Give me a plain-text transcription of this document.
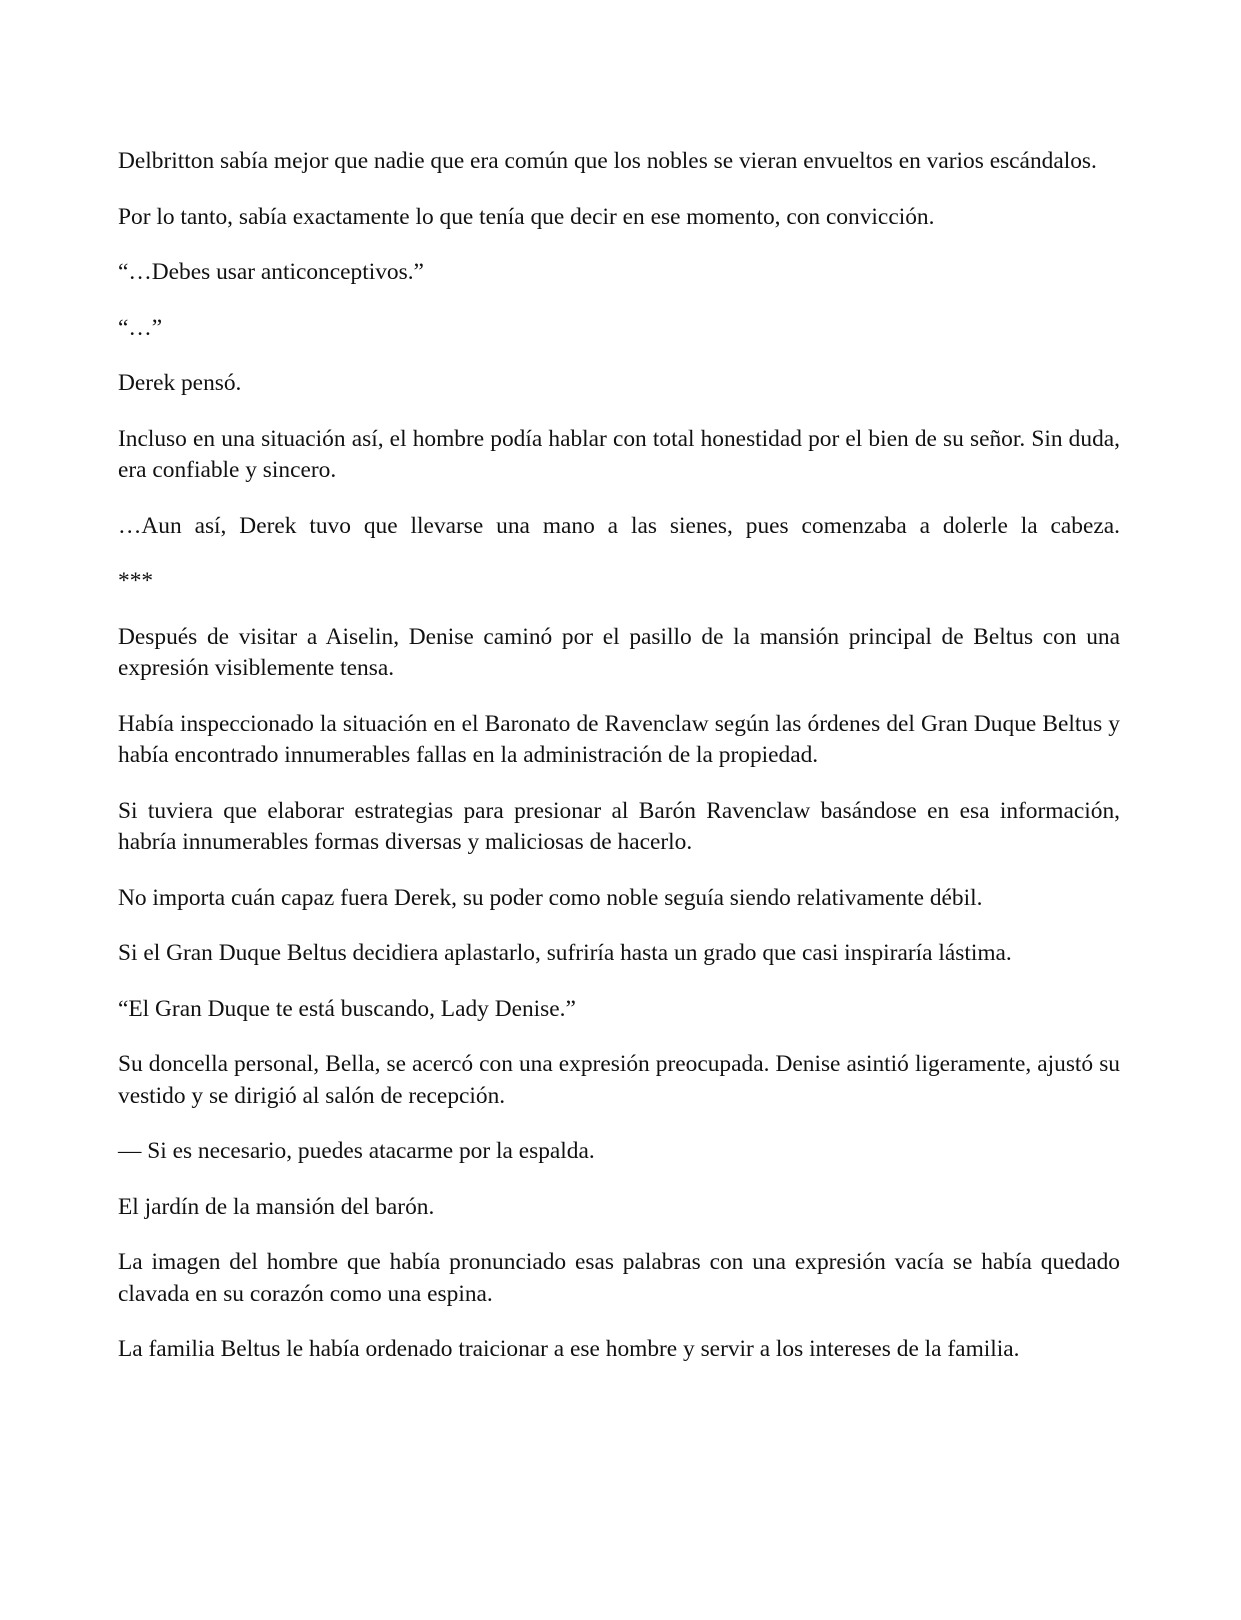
Delbritton sabía mejor que nadie que era común que los nobles se vieran envueltos en varios escándalos.

Por lo tanto, sabía exactamente lo que tenía que decir en ese momento, con convicción.

“…Debes usar anticonceptivos.”

“…”

Derek pensó.

Incluso en una situación así, el hombre podía hablar con total honestidad por el bien de su señor. Sin duda, era confiable y sincero.

…Aun así, Derek tuvo que llevarse una mano a las sienes, pues comenzaba a dolerle la cabeza.

***

Después de visitar a Aiselin, Denise caminó por el pasillo de la mansión principal de Beltus con una expresión visiblemente tensa.

Había inspeccionado la situación en el Baronato de Ravenclaw según las órdenes del Gran Duque Beltus y había encontrado innumerables fallas en la administración de la propiedad.

Si tuviera que elaborar estrategias para presionar al Barón Ravenclaw basándose en esa información, habría innumerables formas diversas y maliciosas de hacerlo.

No importa cuán capaz fuera Derek, su poder como noble seguía siendo relativamente débil.

Si el Gran Duque Beltus decidiera aplastarlo, sufriría hasta un grado que casi inspiraría lástima.

“El Gran Duque te está buscando, Lady Denise.”

Su doncella personal, Bella, se acercó con una expresión preocupada. Denise asintió ligeramente, ajustó su vestido y se dirigió al salón de recepción.

— Si es necesario, puedes atacarme por la espalda.

El jardín de la mansión del barón.

La imagen del hombre que había pronunciado esas palabras con una expresión vacía se había quedado clavada en su corazón como una espina.

La familia Beltus le había ordenado traicionar a ese hombre y servir a los intereses de la familia.
